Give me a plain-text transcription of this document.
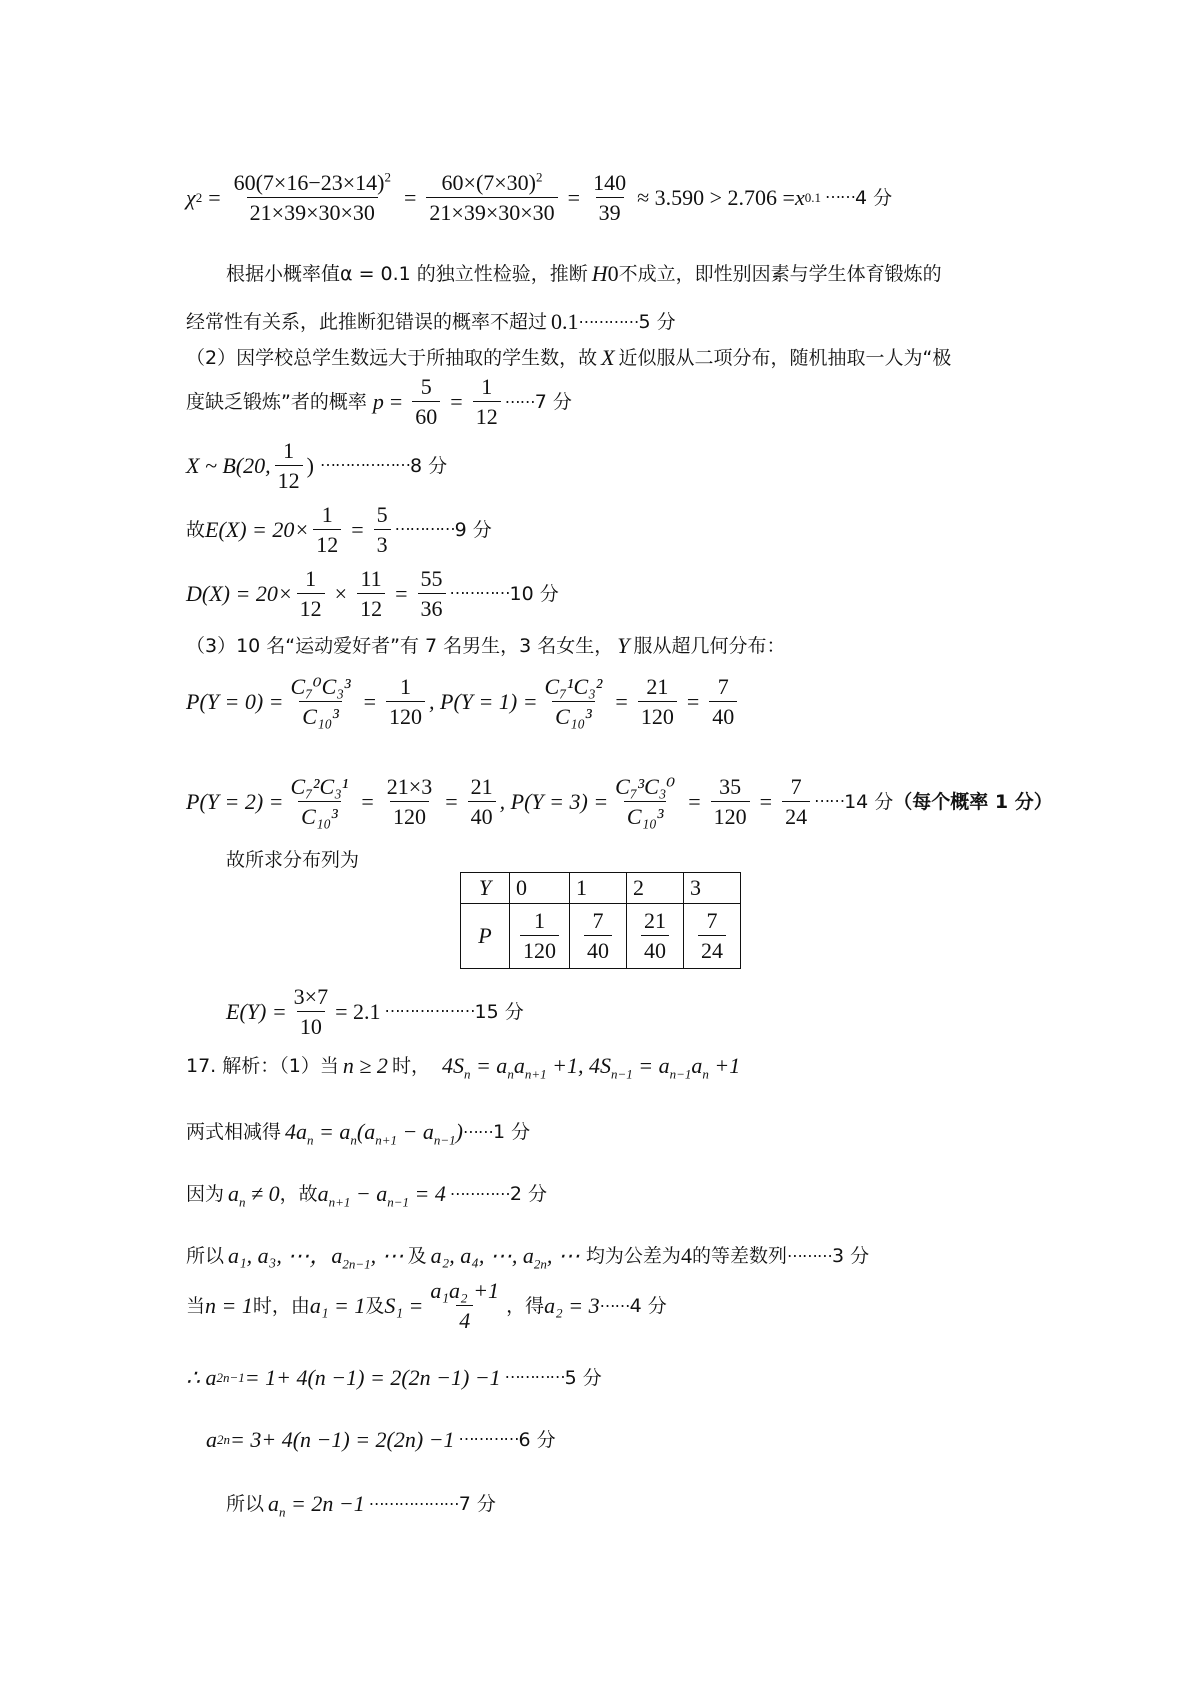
χ $2 = \frac{60(7\times 16-23\times 14)^2}{21\times 39\times 30\times 30} = \frac{60\times(7\times 30)^2}{21\times 39\times 30\times 30} = \frac{140}{39} \approx 3.590 > 2.706 = x$ 0.1 ⋯⋯ 4 分
根据小概率值α = 0.1 的独立性检验，推断 H 0 不成立，即性别因素与学生体育锻炼的
经常性有关系，此推断犯错误的概率不超过 0.1 ⋯⋯⋯⋯ 5 分
（2）因学校总学生数远大于所抽取的学生数，故 X 近似服从二项分布，随机抽取一人为“极
度缺乏锻炼”者的概率 $p = \frac{5}{60} = \frac{1}{12}$ ⋯⋯ 7 分
X ~ B(20, $\frac{1}{12}$ ) ⋯⋯⋯⋯⋯⋯ 8 分
故 $E(X) = 20\times \frac{1}{12} = \frac{5}{3}$ ⋯⋯⋯⋯ 9 分
$D(X) = 20\times \frac{1}{12} \times \frac{11}{12} = \frac{55}{36}$ ⋯⋯⋯⋯ 10 分
（3）10 名“运动爱好者”有 7 名男生，3 名女生， Y 服从超几何分布：
$P(Y = 0) = \frac{\text{C₇⁰C₃³}}{\text{C₁₀³}} = \frac{1}{120}$ , $P(Y = 1) = \frac{\text{C₇¹C₃²}}{\text{C₁₀³}} = \frac{21}{120} = \frac{7}{40}$
$P(Y = 2) = \frac{\text{C₇²C₃¹}}{\text{C₁₀³}} = \frac{21\times 3}{120} = \frac{21}{40}$ , $P(Y = 3) = \frac{\text{C₇³C₃⁰}}{\text{C₁₀³}} = \frac{35}{120} = \frac{7}{24}$ ⋯⋯ 14 分 （每个概率 1 分）
故所求分布列为
Y	0	1	2	3
P	$\frac{1}{120}$	$\frac{7}{40}$	$\frac{21}{40}$	$\frac{7}{24}$
$E(Y) = \frac{3\times 7}{10} = 2.1$ ⋯⋯⋯⋯⋯⋯ 15 分
17. 解析：（1）当 n ≥ 2 时， $4S_n = a_na_{n+1} +1$, $4S_{n-1} = a_{n-1}a_n +1$
两式相减得 $4a_n = a_n(a_{n+1} - a_{n-1})$ ⋯⋯ 1 分
因为 $a_n \ne 0$ ，故 $a_{n+1} - a_{n-1} = 4$ ⋯⋯⋯⋯ 2 分
所以 a₁, a₃, ⋯，$a_{2n-1}$, ⋯ 及 a₂, a₄, ⋯, $a_{2n}$, ⋯ 均为公差为 4 的等差数列 ⋯⋯⋯ 3 分
当 n = 1 时，由 a₁ = 1 及 $S_1 = \frac{\text{a₁a₂ +1}}{4}$ ，得 a₂ = 3 ⋯⋯ 4 分
∴ a 2n−1 = 1+ 4(n −1) = 2(2n −1) −1 ⋯⋯⋯⋯ 5 分
a 2n = 3+ 4(n −1) = 2(2n) −1 ⋯⋯⋯⋯ 6 分
所以 $a_n = 2n -1$ ⋯⋯⋯⋯⋯⋯ 7 分
